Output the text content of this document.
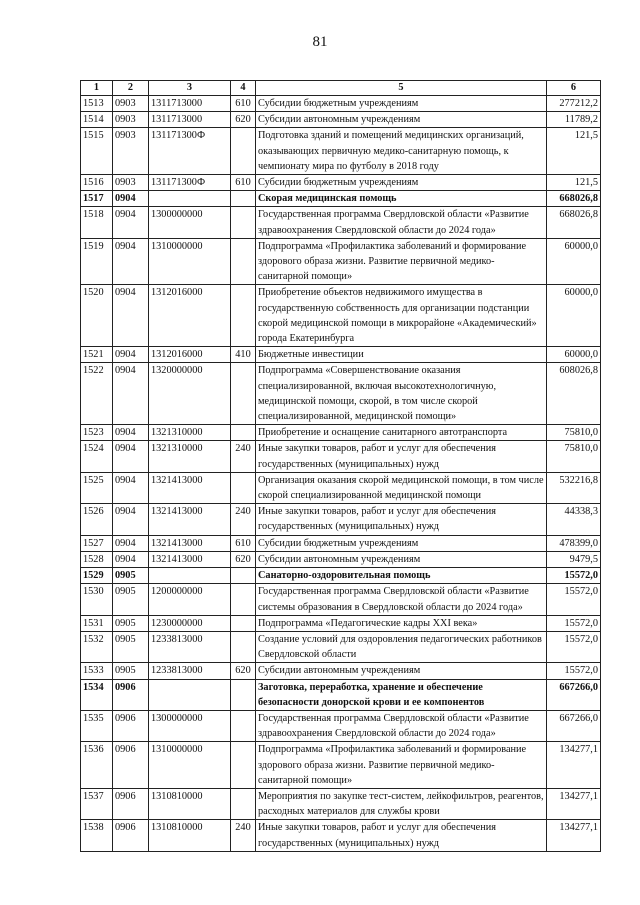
81
1	2	3	4	5	6
1513	0903	1311713000	610	Субсидии бюджетным учреждениям	277212,2
1514	0903	1311713000	620	Субсидии автономным учреждениям	11789,2
1515	0903	131171300Ф		Подготовка зданий и помещений медицинских организаций, оказывающих первичную медико-санитарную помощь, к чемпионату мира по футболу в 2018 году	121,5
1516	0903	131171300Ф	610	Субсидии бюджетным учреждениям	121,5
1517	0904			Скорая медицинская помощь	668026,8
1518	0904	1300000000		Государственная программа Свердловской области «Развитие здравоохранения Свердловской области до 2024 года»	668026,8
1519	0904	1310000000		Подпрограмма «Профилактика заболеваний и формирование здорового образа жизни. Развитие первичной медико-санитарной помощи»	60000,0
1520	0904	1312016000		Приобретение объектов недвижимого имущества в государственную собственность для организации подстанции скорой медицинской помощи в микрорайоне «Академический» города Екатеринбурга	60000,0
1521	0904	1312016000	410	Бюджетные инвестиции	60000,0
1522	0904	1320000000		Подпрограмма «Совершенствование оказания специализированной, включая высокотехнологичную, медицинской помощи, скорой, в том числе скорой специализированной, медицинской помощи»	608026,8
1523	0904	1321310000		Приобретение и оснащение санитарного автотранспорта	75810,0
1524	0904	1321310000	240	Иные закупки товаров, работ и услуг для обеспечения государственных (муниципальных) нужд	75810,0
1525	0904	1321413000		Организация оказания скорой медицинской помощи, в том числе скорой специализированной медицинской помощи	532216,8
1526	0904	1321413000	240	Иные закупки товаров, работ и услуг для обеспечения государственных (муниципальных) нужд	44338,3
1527	0904	1321413000	610	Субсидии бюджетным учреждениям	478399,0
1528	0904	1321413000	620	Субсидии автономным учреждениям	9479,5
1529	0905			Санаторно-оздоровительная помощь	15572,0
1530	0905	1200000000		Государственная программа Свердловской области «Развитие системы образования в Свердловской области до 2024 года»	15572,0
1531	0905	1230000000		Подпрограмма «Педагогические кадры XXI века»	15572,0
1532	0905	1233813000		Создание условий для оздоровления педагогических работников Свердловской области	15572,0
1533	0905	1233813000	620	Субсидии автономным учреждениям	15572,0
1534	0906			Заготовка, переработка, хранение и обеспечение безопасности донорской крови и ее компонентов	667266,0
1535	0906	1300000000		Государственная программа Свердловской области «Развитие здравоохранения Свердловской области до 2024 года»	667266,0
1536	0906	1310000000		Подпрограмма «Профилактика заболеваний и формирование здорового образа жизни. Развитие первичной медико-санитарной помощи»	134277,1
1537	0906	1310810000		Мероприятия по закупке тест-систем, лейкофильтров, реагентов, расходных материалов для службы крови	134277,1
1538	0906	1310810000	240	Иные закупки товаров, работ и услуг для обеспечения государственных (муниципальных) нужд	134277,1
